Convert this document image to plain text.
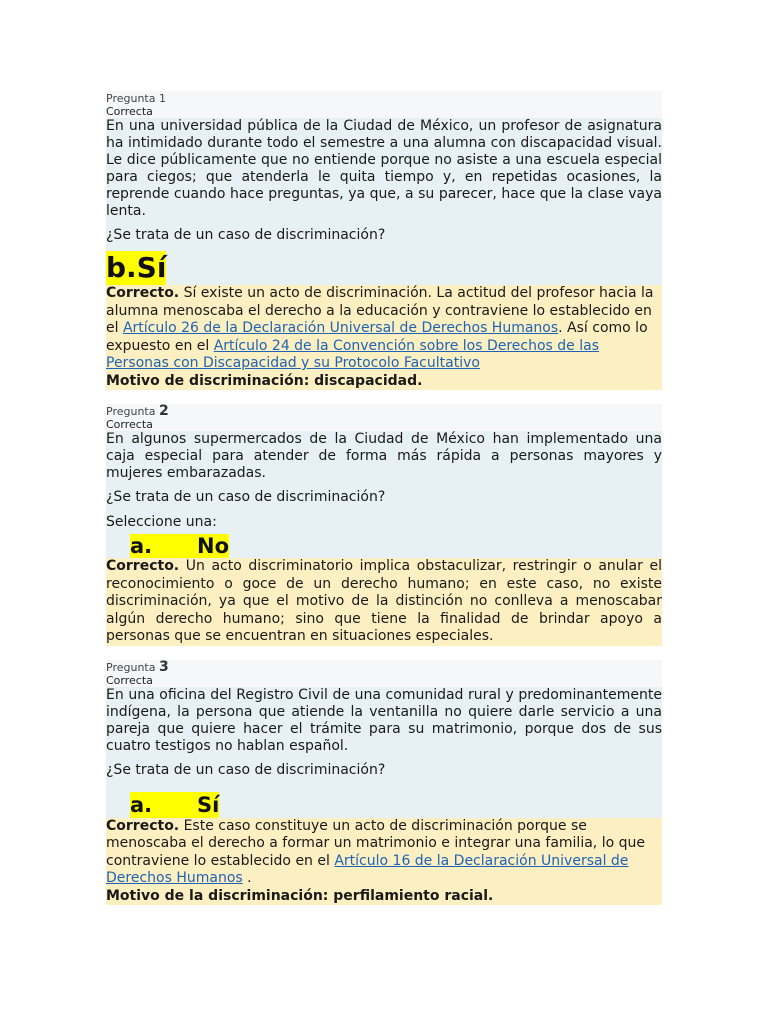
Pregunta 1
Correcta

En una universidad pública de la Ciudad de México, un profesor de asignatura ha intimidado durante todo el semestre a una alumna con discapacidad visual. Le dice públicamente que no entiende porque no asiste a una escuela especial para ciegos; que atenderla le quita tiempo y, en repetidas ocasiones, la reprende cuando hace preguntas, ya que, a su parecer, hace que la clase vaya lenta.

¿Se trata de un caso de discriminación?

b.Sí
Correcto. Sí existe un acto de discriminación. La actitud del profesor hacia la alumna menoscaba el derecho a la educación y contraviene lo establecido en el Artículo 26 de la Declaración Universal de Derechos Humanos. Así como lo expuesto en el Artículo 24 de la Convención sobre los Derechos de las Personas con Discapacidad y su Protocolo Facultativo
Motivo de discriminación: discapacidad.
Pregunta 2
Correcta

En algunos supermercados de la Ciudad de México han implementado una caja especial para atender de forma más rápida a personas mayores y mujeres embarazadas.

¿Se trata de un caso de discriminación?

Seleccione una:

a. No
Correcto. Un acto discriminatorio implica obstaculizar, restringir o anular el reconocimiento o goce de un derecho humano; en este caso, no existe discriminación, ya que el motivo de la distinción no conlleva a menoscabar algún derecho humano; sino que tiene la finalidad de brindar apoyo a personas que se encuentran en situaciones especiales.
Pregunta 3
Correcta

En una oficina del Registro Civil de una comunidad rural y predominantemente indígena, la persona que atiende la ventanilla no quiere darle servicio a una pareja que quiere hacer el trámite para su matrimonio, porque dos de sus cuatro testigos no hablan español.

¿Se trata de un caso de discriminación?

a. Sí
Correcto. Este caso constituye un acto de discriminación porque se menoscaba el derecho a formar un matrimonio e integrar una familia, lo que contraviene lo establecido en el Artículo 16 de la Declaración Universal de Derechos Humanos .
Motivo de la discriminación: perfilamiento racial.
